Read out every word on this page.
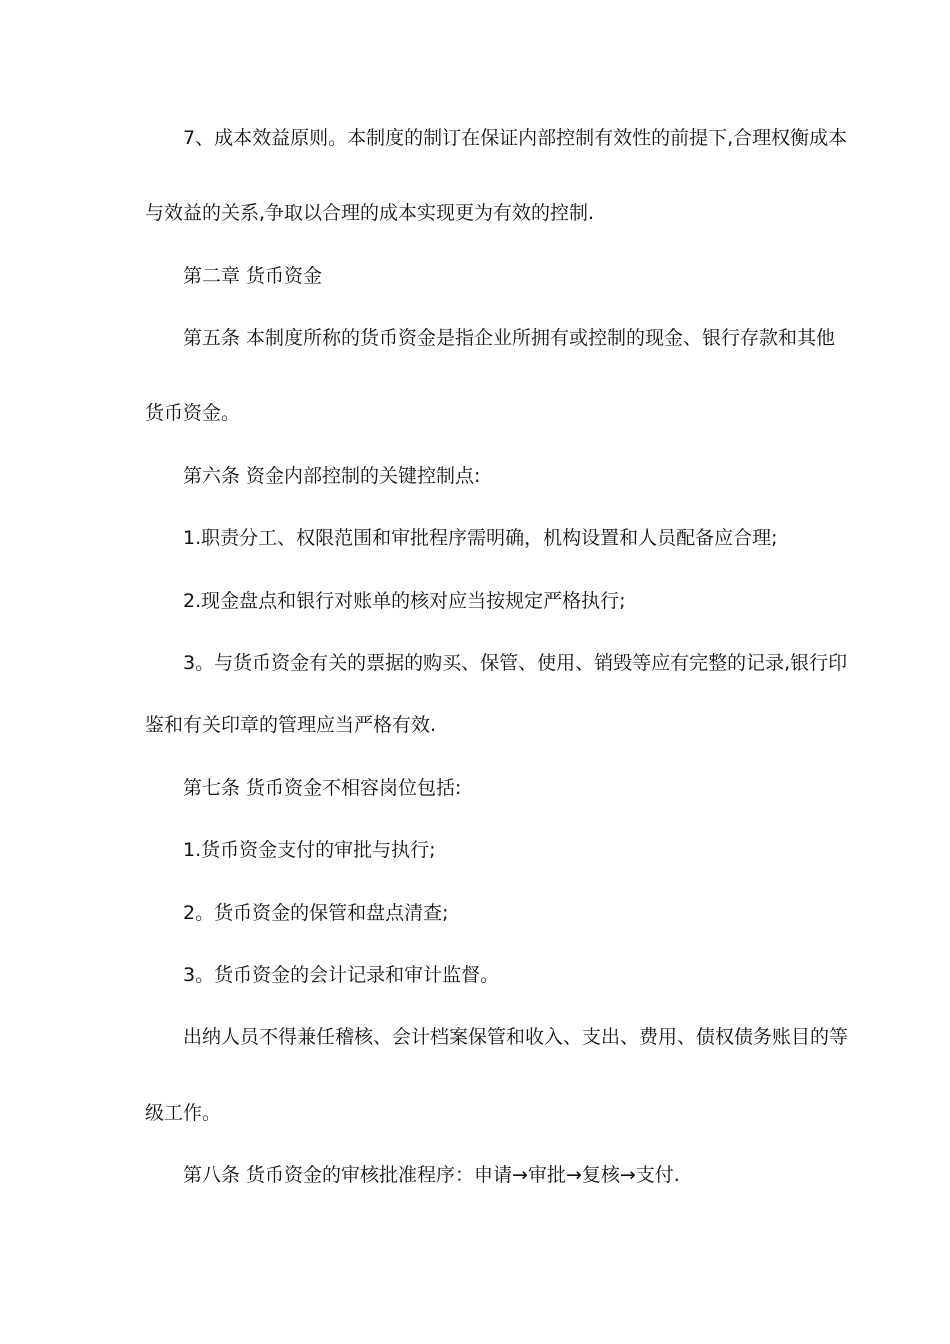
7、成本效益原则。本制度的制订在保证内部控制有效性的前提下,合理权衡成本
与效益的关系,争取以合理的成本实现更为有效的控制.
第二章 货币资金
第五条 本制度所称的货币资金是指企业所拥有或控制的现金、银行存款和其他
货币资金。
第六条 资金内部控制的关键控制点:
1.职责分工、权限范围和审批程序需明确，机构设置和人员配备应合理;
2.现金盘点和银行对账单的核对应当按规定严格执行;
3。与货币资金有关的票据的购买、保管、使用、销毁等应有完整的记录,银行印
鉴和有关印章的管理应当严格有效.
第七条 货币资金不相容岗位包括:
1.货币资金支付的审批与执行;
2。货币资金的保管和盘点清查;
3。货币资金的会计记录和审计监督。
出纳人员不得兼任稽核、会计档案保管和收入、支出、费用、债权债务账目的等
级工作。
第八条 货币资金的审核批准程序：申请→审批→复核→支付.
